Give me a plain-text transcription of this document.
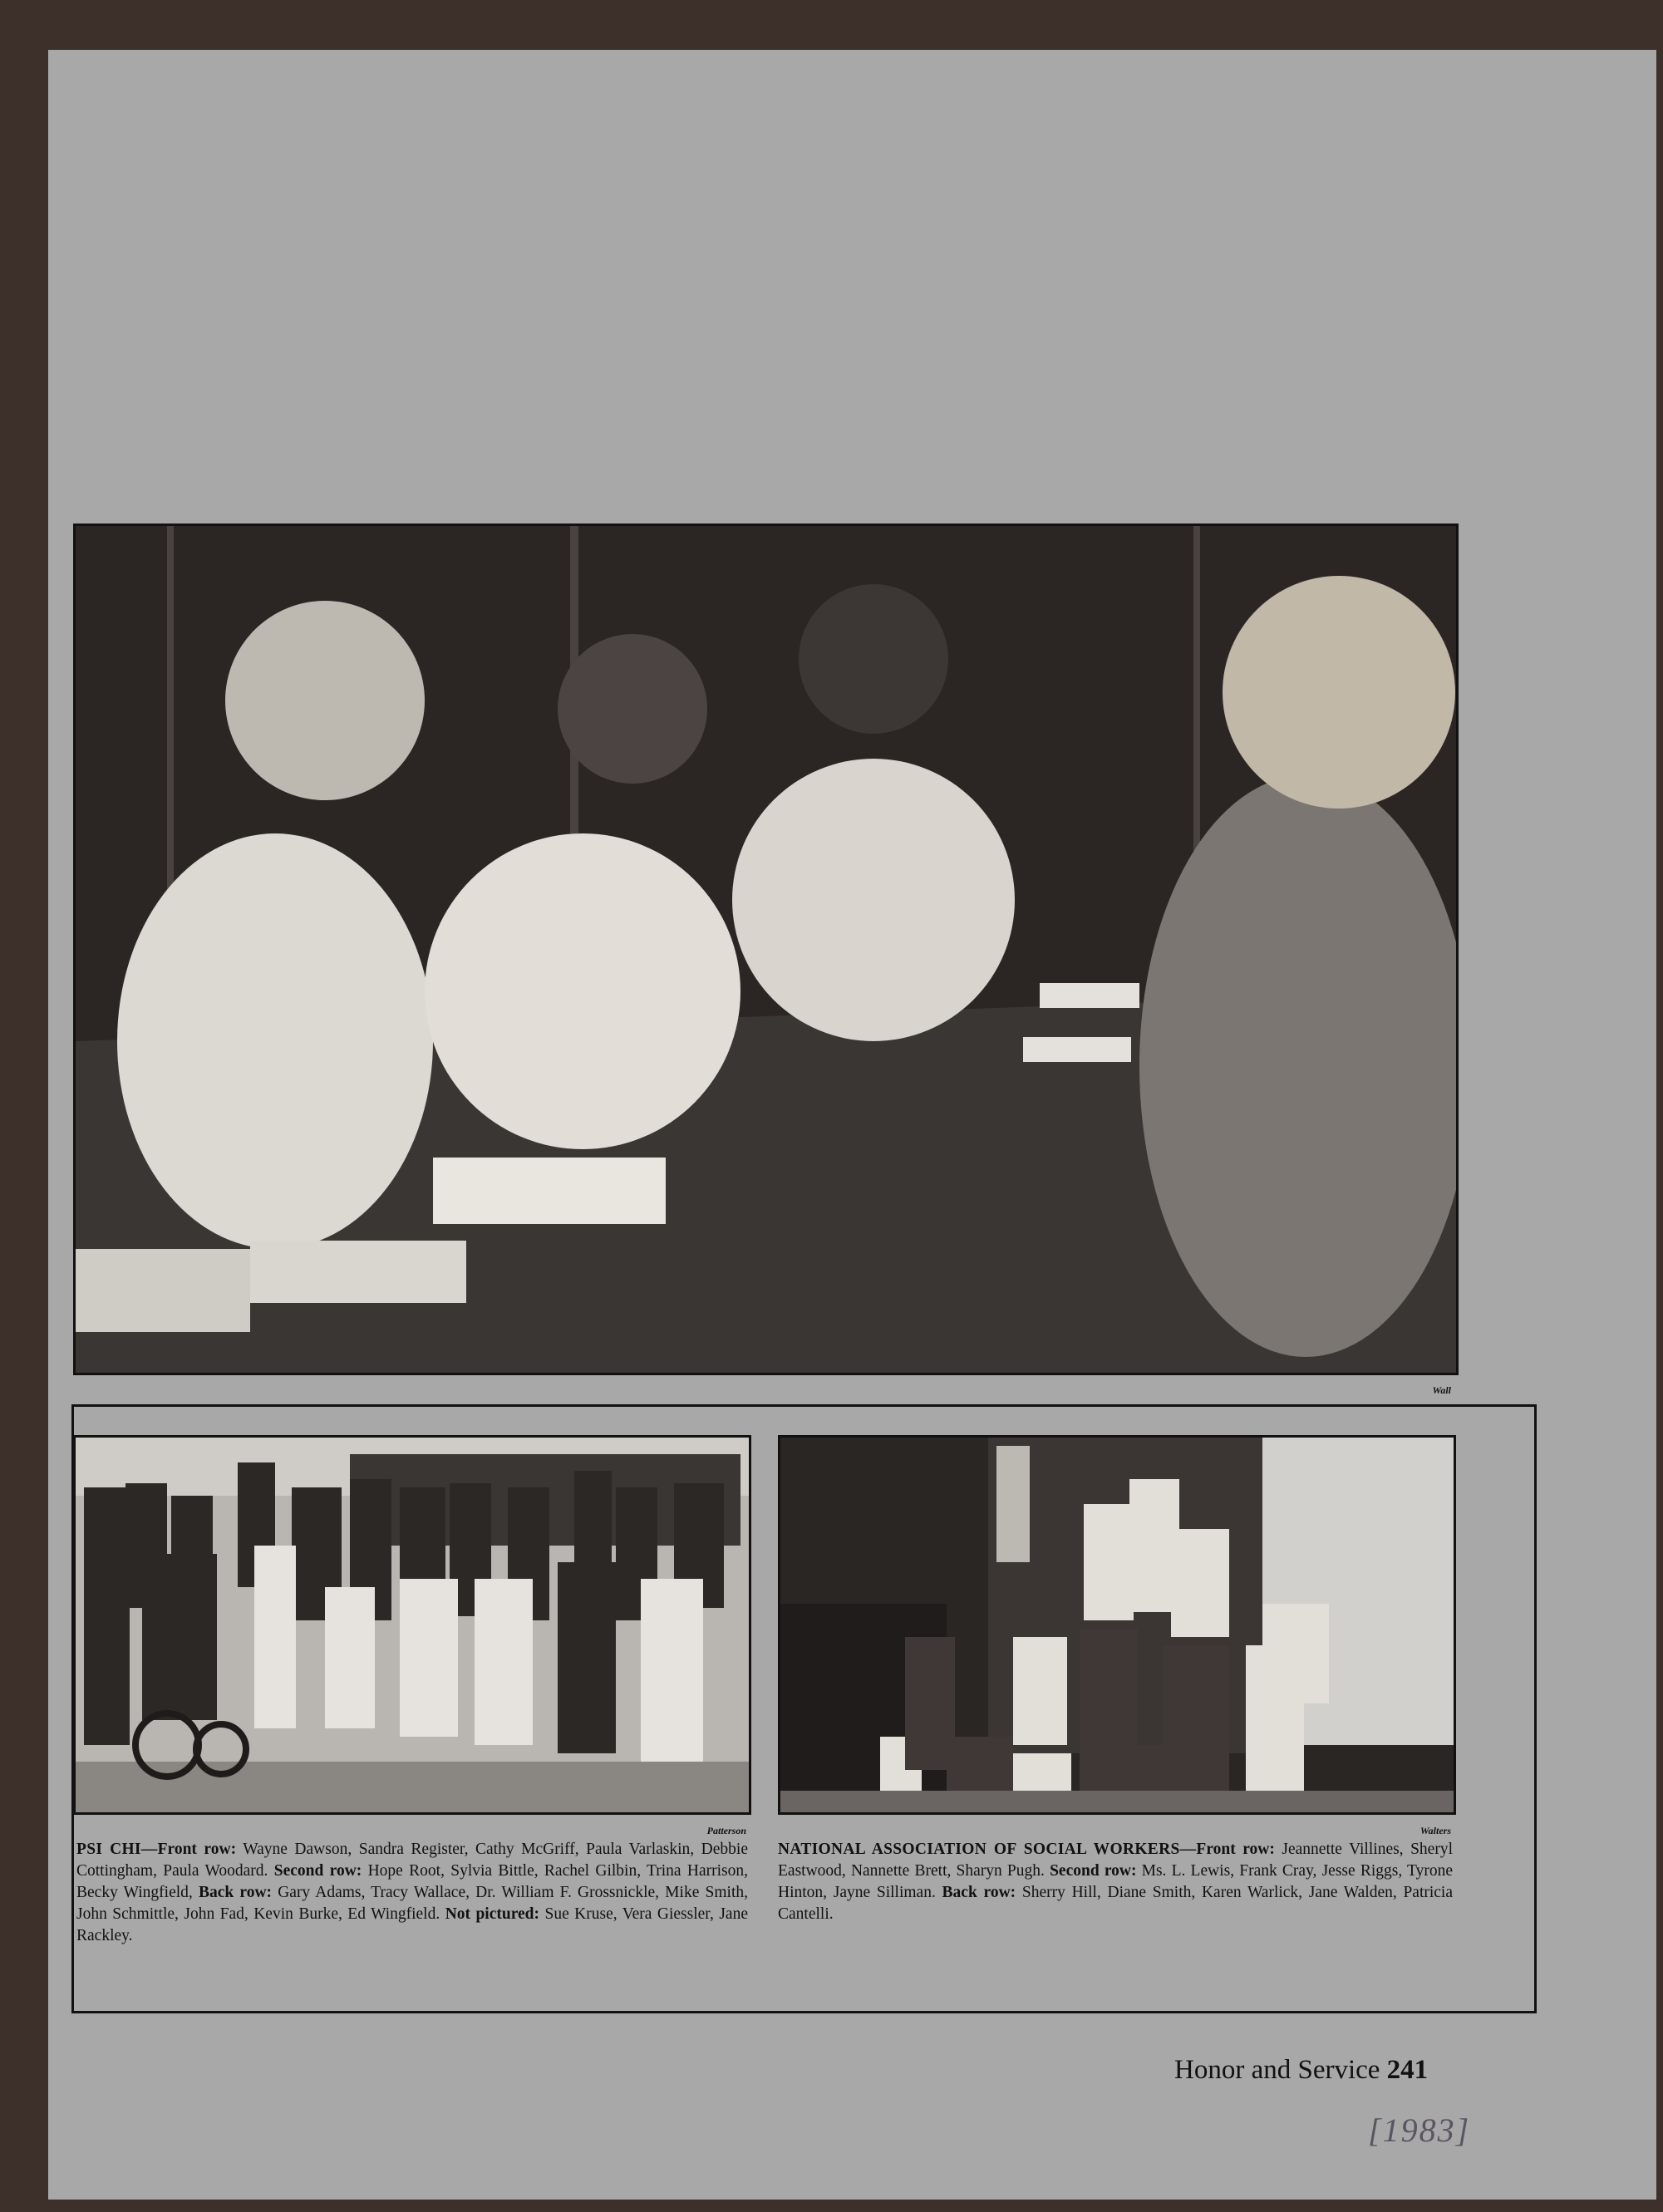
Wall
Patterson
PSI CHI—Front row: Wayne Dawson, Sandra Register, Cathy McGriff, Paula Varlaskin, Debbie Cottingham, Paula Woodard. Second row: Hope Root, Sylvia Bittle, Rachel Gilbin, Trina Harrison, Becky Wingfield, Back row: Gary Adams, Tracy Wallace, Dr. William F. Grossnickle, Mike Smith, John Schmittle, John Fad, Kevin Burke, Ed Wingfield. Not pictured: Sue Kruse, Vera Giessler, Jane Rackley.
Walters
NATIONAL ASSOCIATION OF SOCIAL WORKERS—Front row: Jeannette Villines, Sheryl Eastwood, Nannette Brett, Sharyn Pugh. Second row: Ms. L. Lewis, Frank Cray, Jesse Riggs, Tyrone Hinton, Jayne Silliman. Back row: Sherry Hill, Diane Smith, Karen Warlick, Jane Walden, Patricia Cantelli.
Honor and Service 241
[1983]
